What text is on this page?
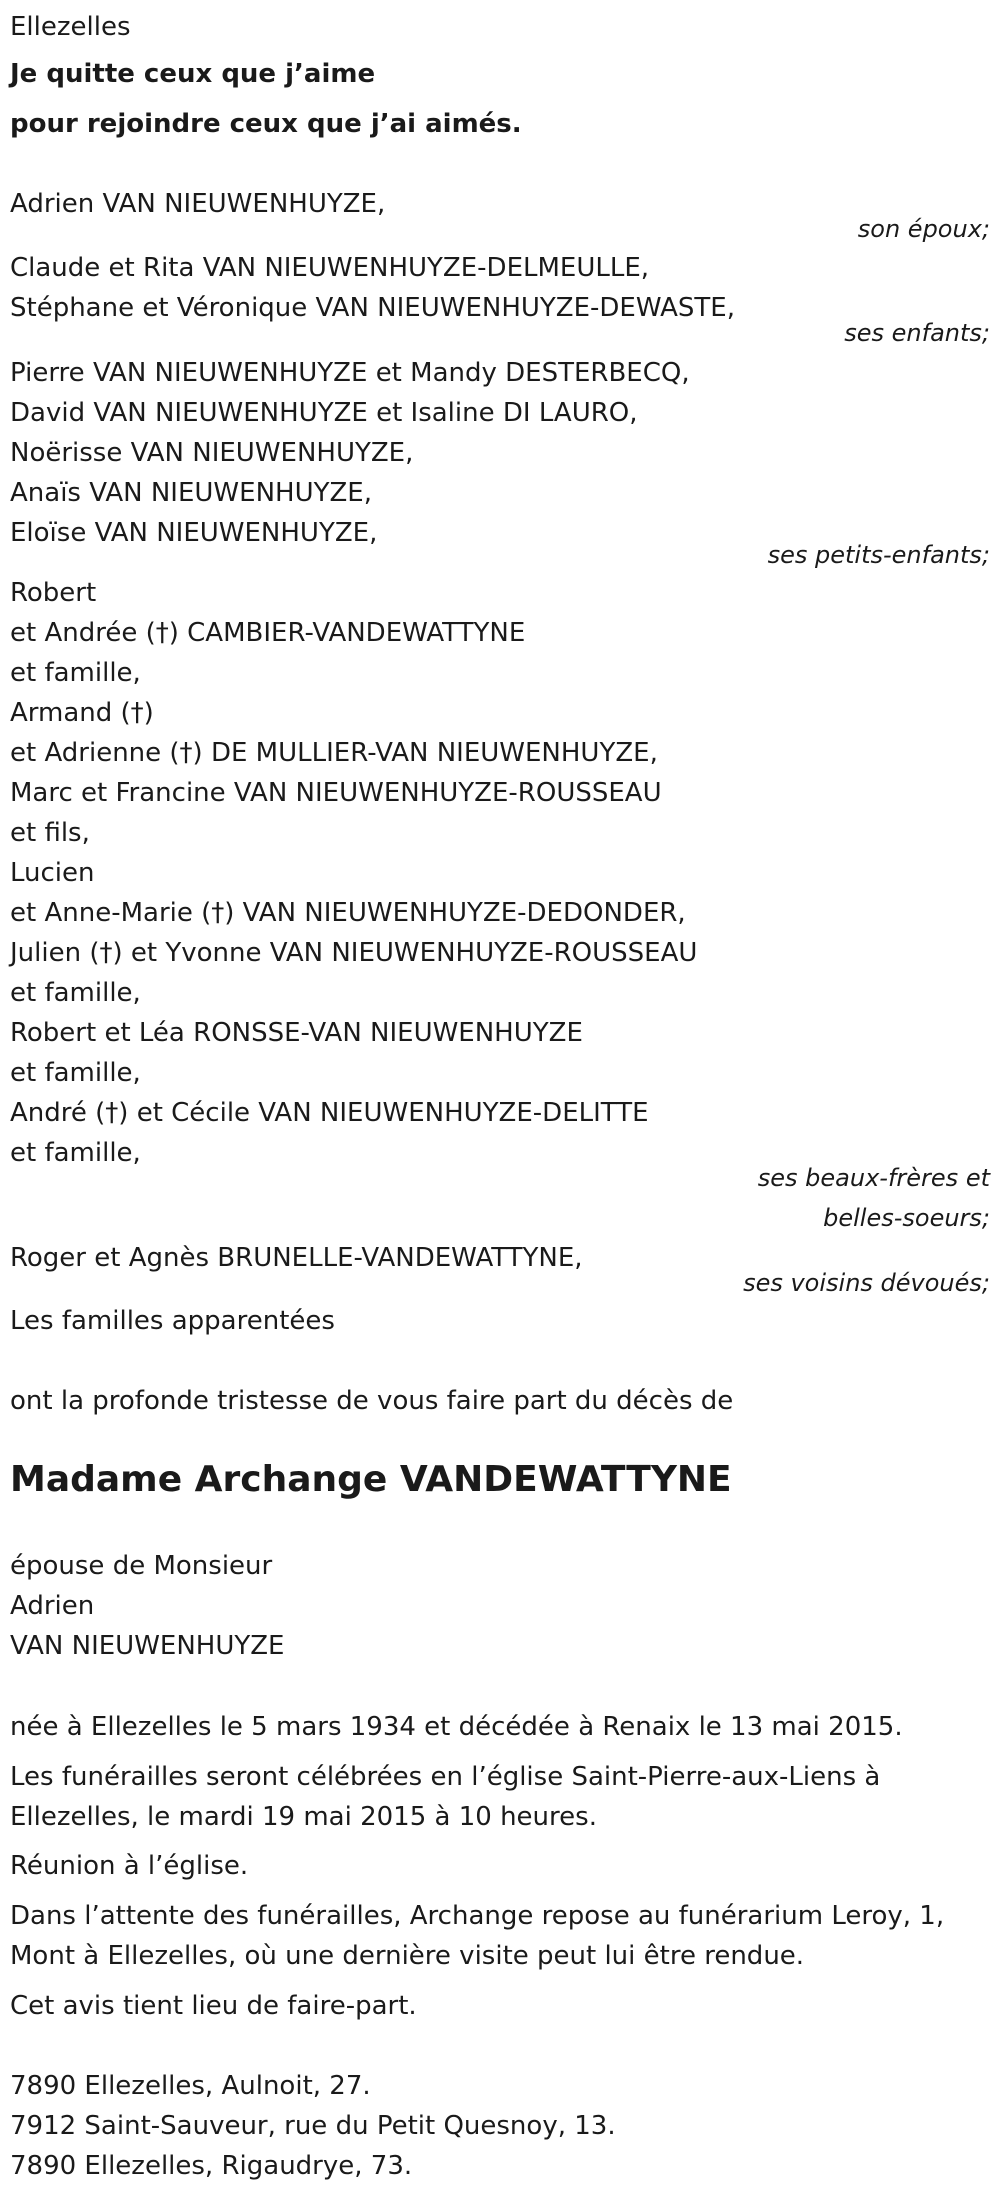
Ellezelles
Je quitte ceux que j’aime
pour rejoindre ceux que j’ai aimés.
Adrien VAN NIEUWENHUYZE,
son époux;
Claude et Rita VAN NIEUWENHUYZE-DELMEULLE,
Stéphane et Véronique VAN NIEUWENHUYZE-DEWASTE,
ses enfants;
Pierre VAN NIEUWENHUYZE et Mandy DESTERBECQ,
David VAN NIEUWENHUYZE et Isaline DI LAURO,
Noërisse VAN NIEUWENHUYZE,
Anaïs VAN NIEUWENHUYZE,
Eloïse VAN NIEUWENHUYZE,
ses petits-enfants;
Robert
et Andrée (†) CAMBIER-VANDEWATTYNE
et famille,
Armand (†)
et Adrienne (†) DE MULLIER-VAN NIEUWENHUYZE,
Marc et Francine VAN NIEUWENHUYZE-ROUSSEAU
et fils,
Lucien
et Anne-Marie (†) VAN NIEUWENHUYZE-DEDONDER,
Julien (†) et Yvonne VAN NIEUWENHUYZE-ROUSSEAU
et famille,
Robert et Léa RONSSE-VAN NIEUWENHUYZE
et famille,
André (†) et Cécile VAN NIEUWENHUYZE-DELITTE
et famille,
ses beaux-frères et
belles-soeurs;
Roger et Agnès BRUNELLE-VANDEWATTYNE,
ses voisins dévoués;
Les familles apparentées
ont la profonde tristesse de vous faire part du décès de
Madame Archange VANDEWATTYNE
épouse de Monsieur
Adrien
VAN NIEUWENHUYZE
née à Ellezelles le 5 mars 1934 et décédée à Renaix le 13 mai 2015.
Les funérailles seront célébrées en l’église Saint-Pierre-aux-Liens à
Ellezelles, le mardi 19 mai 2015 à 10 heures.
Réunion à l’église.
Dans l’attente des funérailles, Archange repose au funérarium Leroy, 1,
Mont à Ellezelles, où une dernière visite peut lui être rendue.
Cet avis tient lieu de faire-part.
7890 Ellezelles, Aulnoit, 27.
7912 Saint-Sauveur, rue du Petit Quesnoy, 13.
7890 Ellezelles, Rigaudrye, 73.
